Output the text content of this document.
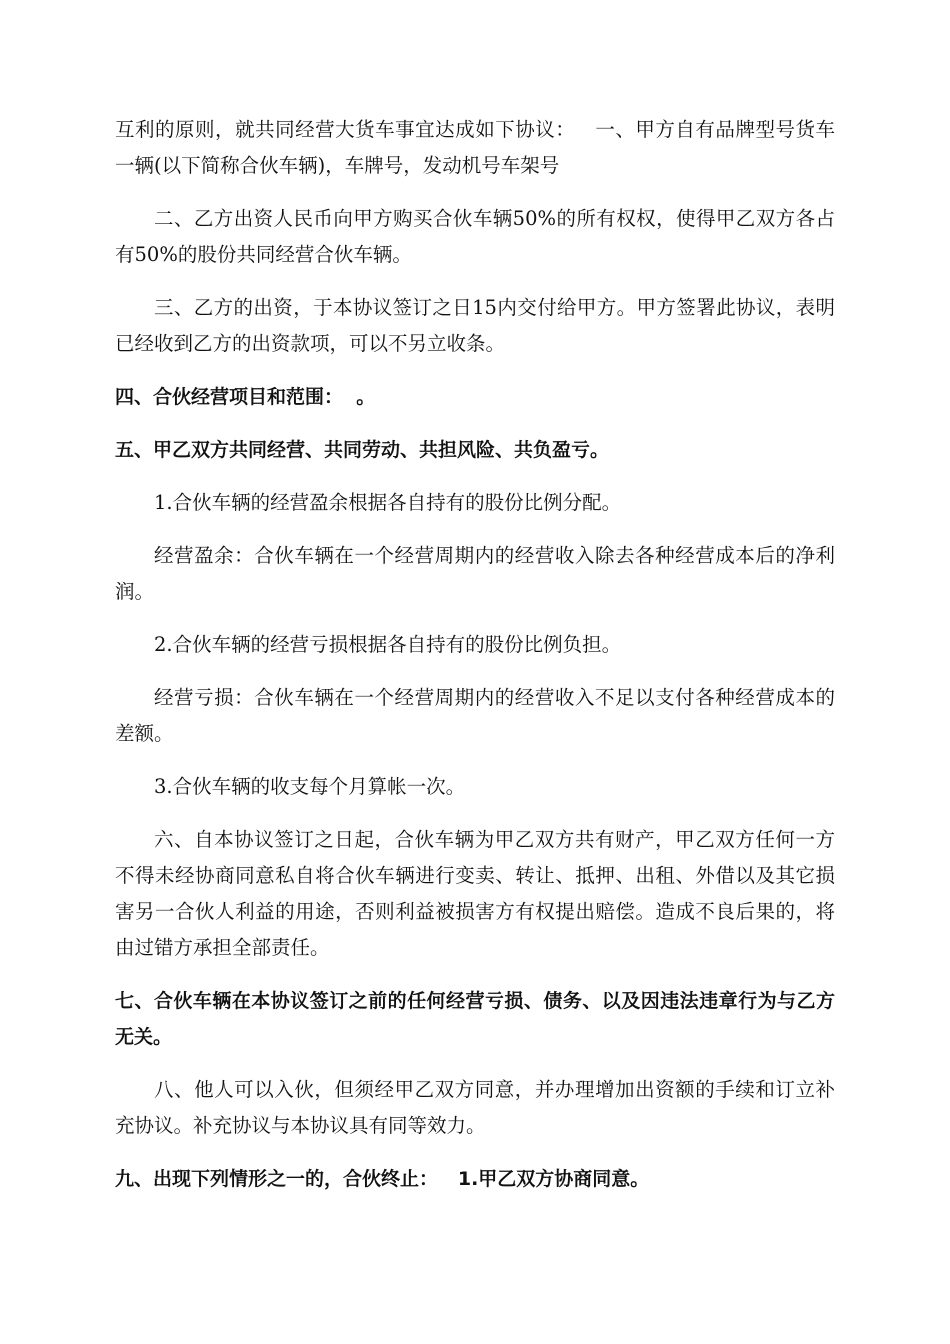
互利的原则，就共同经营大货车事宜达成如下协议：   一、甲方自有品牌型号货车一辆(以下简称合伙车辆)，车牌号，发动机号车架号

二、乙方出资人民币向甲方购买合伙车辆50%的所有权权，使得甲乙双方各占有50%的股份共同经营合伙车辆。

三、乙方的出资，于本协议签订之日15内交付给甲方。甲方签署此协议，表明已经收到乙方的出资款项，可以不另立收条。

四、合伙经营项目和范围：  。

五、甲乙双方共同经营、共同劳动、共担风险、共负盈亏。

1.合伙车辆的经营盈余根据各自持有的股份比例分配。

经营盈余：合伙车辆在一个经营周期内的经营收入除去各种经营成本后的净利润。

2.合伙车辆的经营亏损根据各自持有的股份比例负担。

经营亏损：合伙车辆在一个经营周期内的经营收入不足以支付各种经营成本的差额。

3.合伙车辆的收支每个月算帐一次。

六、自本协议签订之日起，合伙车辆为甲乙双方共有财产，甲乙双方任何一方不得未经协商同意私自将合伙车辆进行变卖、转让、抵押、出租、外借以及其它损害另一合伙人利益的用途，否则利益被损害方有权提出赔偿。造成不良后果的，将由过错方承担全部责任。

七、合伙车辆在本协议签订之前的任何经营亏损、债务、以及因违法违章行为与乙方无关。

八、他人可以入伙，但须经甲乙双方同意，并办理增加出资额的手续和订立补充协议。补充协议与本协议具有同等效力。

九、出现下列情形之一的，合伙终止：   1.甲乙双方协商同意。
